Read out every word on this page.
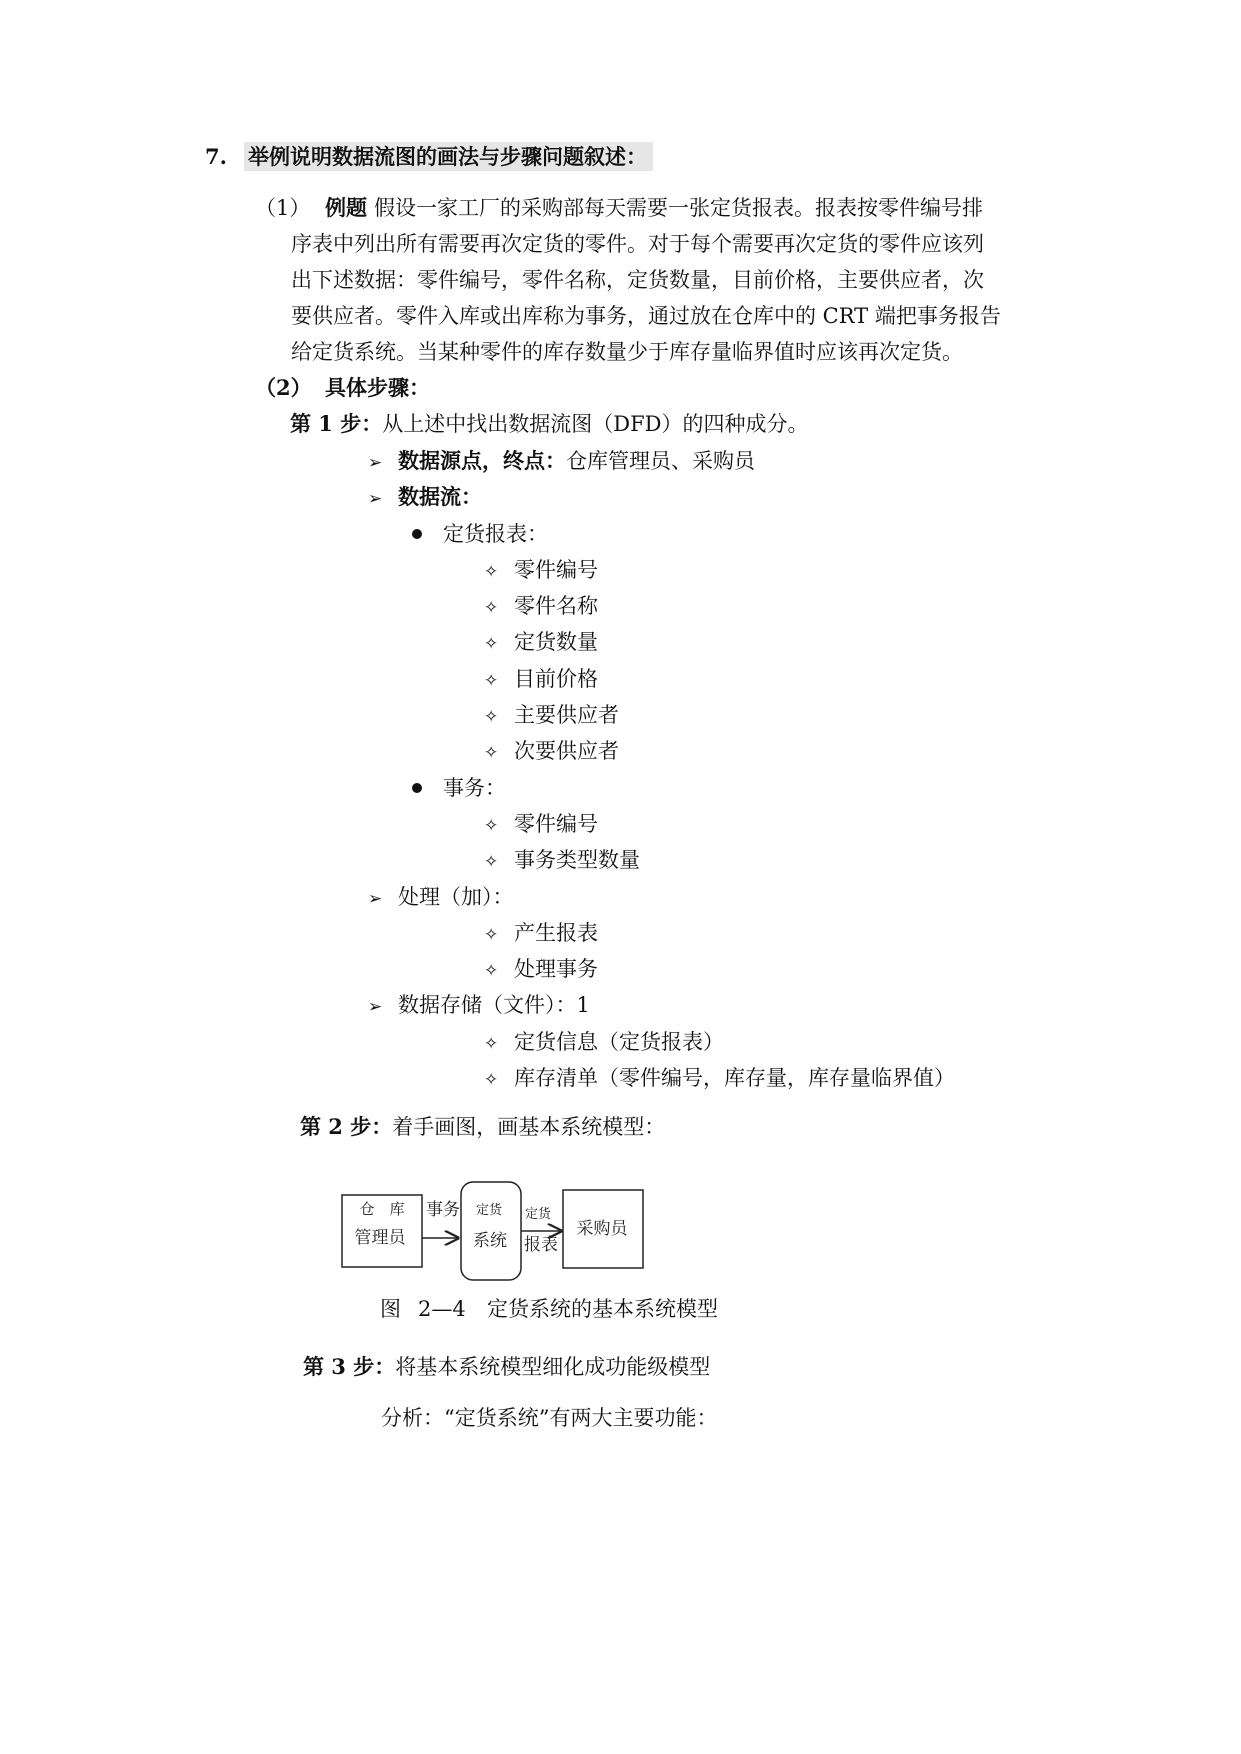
7. 举例说明数据流图的画法与步骤问题叙述：
（1） 例题 假设一家工厂的采购部每天需要一张定货报表。报表按零件编号排
序表中列出所有需要再次定货的零件。对于每个需要再次定货的零件应该列
出下述数据：零件编号，零件名称，定货数量，目前价格，主要供应者，次
要供应者。零件入库或出库称为事务，通过放在仓库中的 CRT 端把事务报告
给定货系统。当某种零件的库存数量少于库存量临界值时应该再次定货。
（2） 具体步骤：
第 1 步：从上述中找出数据流图（DFD）的四种成分。
➢ 数据源点，终点：仓库管理员、采购员
➢ 数据流：
定货报表：
✧ 零件编号
✧ 零件名称
✧ 定货数量
✧ 目前价格
✧ 主要供应者
✧ 次要供应者
事务：
✧ 零件编号
✧ 事务类型数量
➢ 处理（加）：
✧ 产生报表
✧ 处理事务
➢ 数据存储（文件）：1
✧ 定货信息（定货报表）
✧ 库存清单（零件编号，库存量，库存量临界值）
第 2 步：着手画图，画基本系统模型：
仓　库
管理员
事务 定货
系统
定货
报表
采购员
图 2—4 定货系统的基本系统模型
第 3 步：将基本系统模型细化成功能级模型
分析：“定货系统”有两大主要功能：
